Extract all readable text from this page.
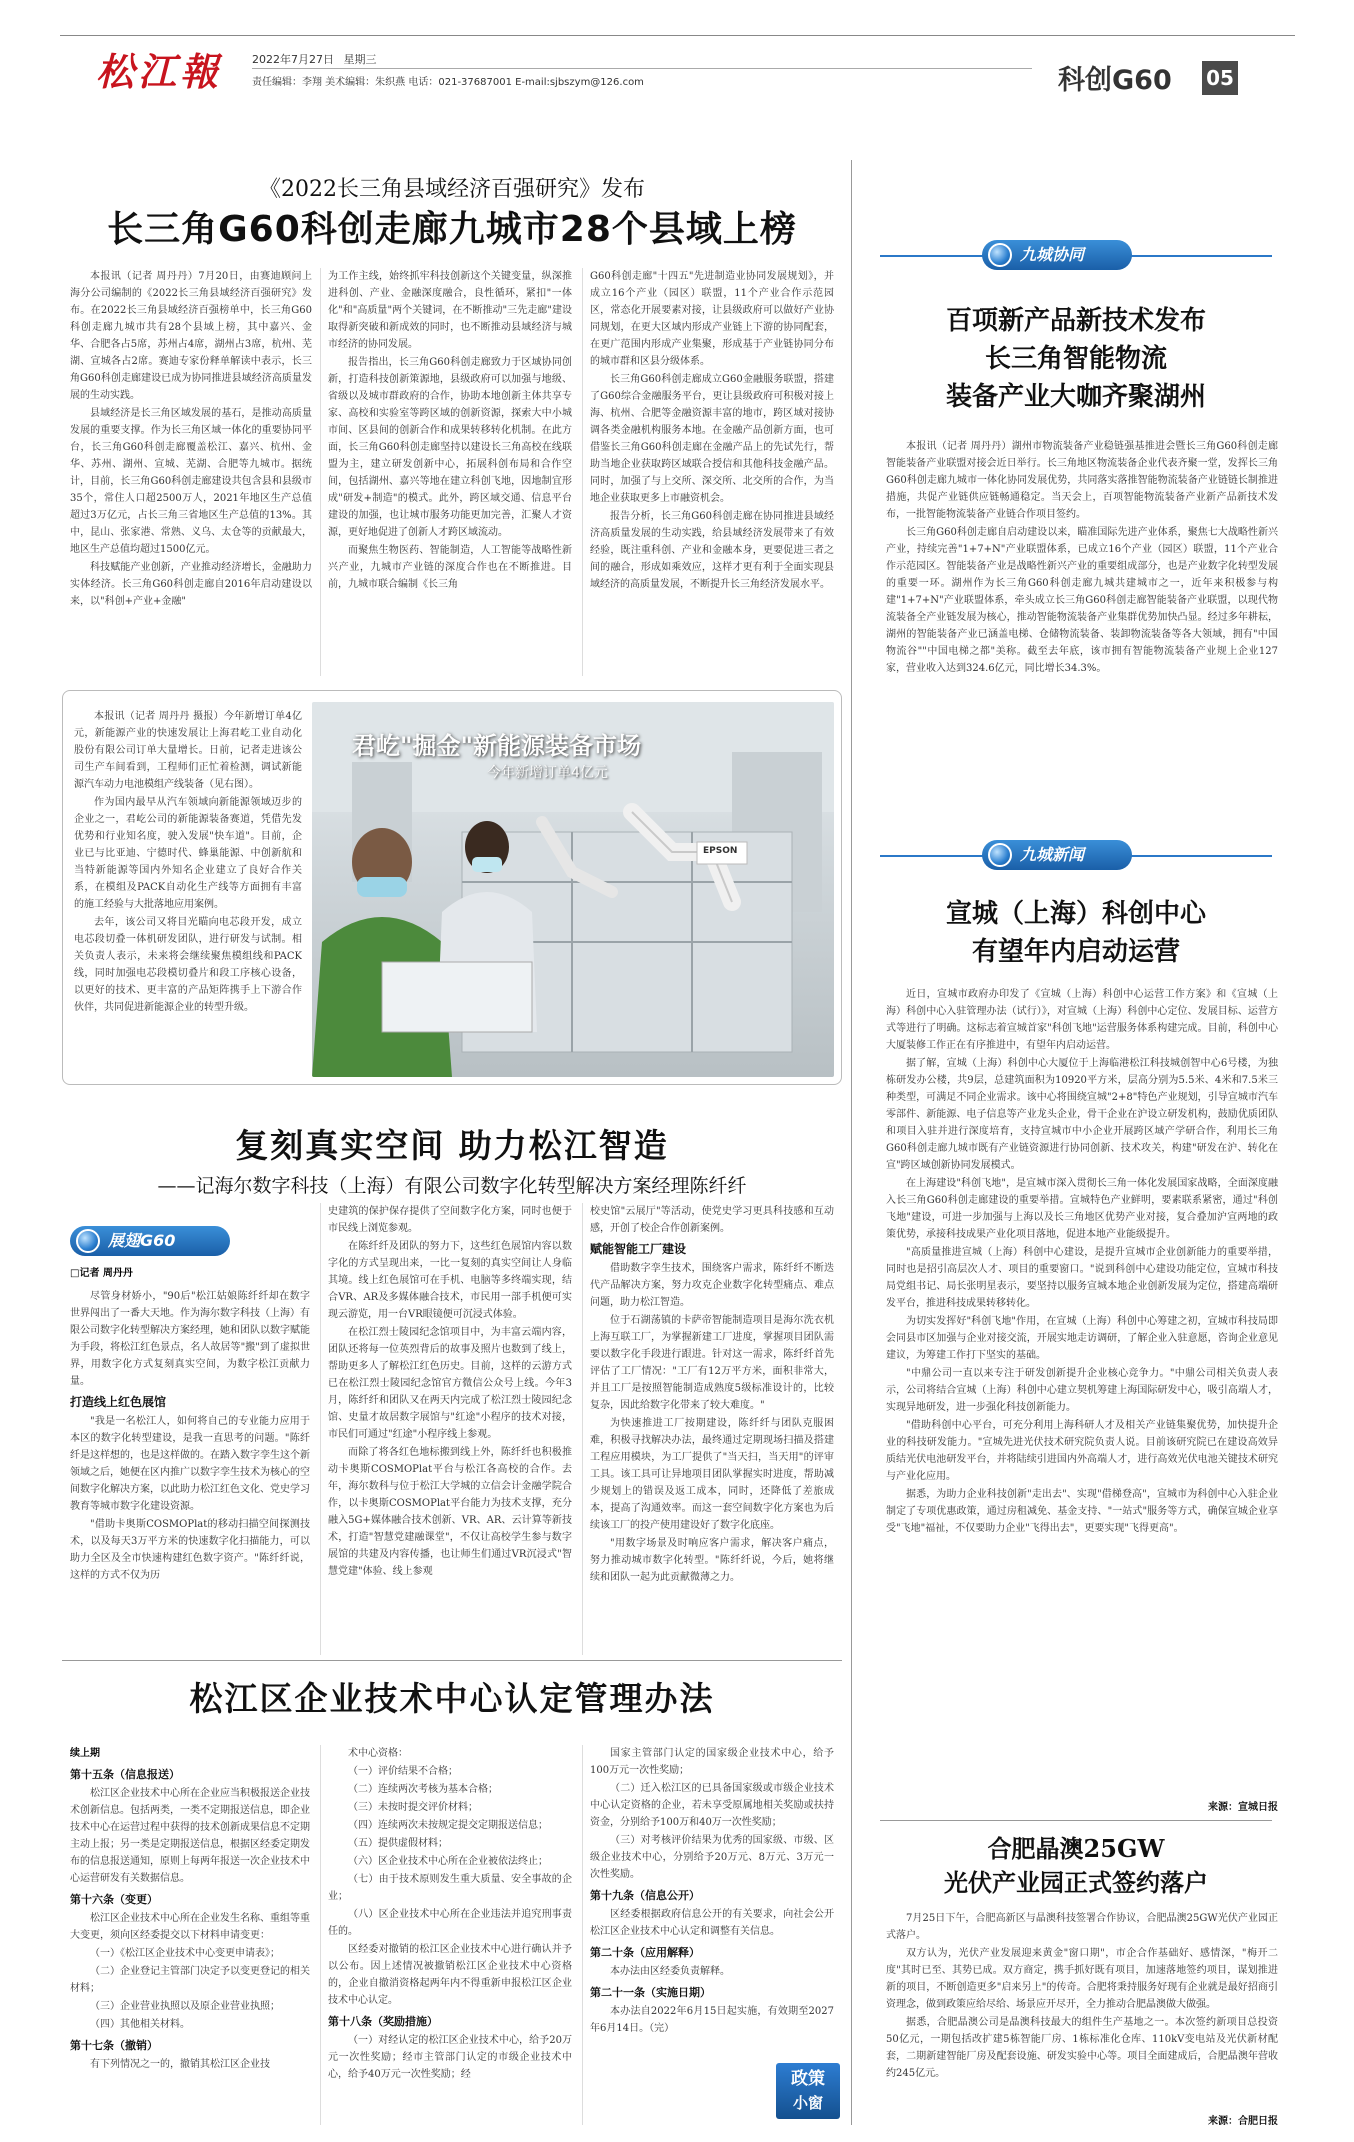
松江報	2022年7月27日 星期三
责任编辑：李翔 美术编辑：朱织燕 电话：021-37687001 E-mail:sjbszym@126.com	科创G60 05
《2022长三角县域经济百强研究》发布
长三角G60科创走廊九城市28个县域上榜

本报讯（记者 周丹丹）7月20日，由赛迪顾问上海分公司编制的《2022长三角县域经济百强研究》发布。在2022长三角县域经济百强榜单中，长三角G60科创走廊九城市共有28个县域上榜，其中嘉兴、金华、合肥各占5席，苏州占4席，湖州占3席，杭州、芜湖、宣城各占2席。赛迪专家份释单解读中表示，长三角G60科创走廊建设已成为协同推进县域经济高质量发展的生动实践。

县域经济是长三角区域发展的基石，是推动高质量发展的重要支撑。作为长三角区域一体化的重要协同平台，长三角G60科创走廊覆盖松江、嘉兴、杭州、金华、苏州、湖州、宣城、芜湖、合肥等九城市。据统计，目前，长三角G60科创走廊建设共包含县和县级市35个，常住人口超2500万人，2021年地区生产总值超过3万亿元，占长三角三省地区生产总值的13%。其中，昆山、张家港、常熟、义乌、太仓等的贡献最大，地区生产总值均超过1500亿元。

科技赋能产业创新，产业推动经济增长，金融助力实体经济。长三角G60科创走廊自2016年启动建设以来，以"科创+产业+金融"

为工作主线，始终抓牢科技创新这个关键变量，纵深推进科创、产业、金融深度融合，良性循环，紧扣"一体化"和"高质量"两个关键词，在不断推动"三先走廊"建设取得新突破和新成效的同时，也不断推动县域经济与城市经济的协同发展。

报告指出，长三角G60科创走廊致力于区域协同创新，打造科技创新策源地，县级政府可以加强与地级、省级以及城市群政府的合作，协助本地创新主体共享专家、高校和实验室等跨区域的创新资源，探索大中小城市间、区县间的创新合作和成果转移转化机制。在此方面，长三角G60科创走廊坚持以建设长三角高校在线联盟为主，建立研发创新中心，拓展科创布局和合作空间，包括湖州、嘉兴等地在建立科创飞地，因地制宜形成"研发+制造"的模式。此外，跨区域交通、信息平台建设的加强，也让城市服务功能更加完善，汇聚人才资源，更好地促进了创新人才跨区域流动。

而聚焦生物医药、智能制造，人工智能等战略性新兴产业，九城市产业链的深度合作也在不断推进。目前，九城市联合编制《长三角

G60科创走廊"十四五"先进制造业协同发展规划》，并成立16个产业（园区）联盟，11个产业合作示范园区，常态化开展要素对接，让县级政府可以做好产业协同规划，在更大区域内形成产业链上下游的协同配套，在更广范围内形成产业集聚，形成基于产业链协同分布的城市群和区县分级体系。

长三角G60科创走廊成立G60金融服务联盟，搭建了G60综合金融服务平台，更让县级政府可积极对接上海、杭州、合肥等金融资源丰富的地市，跨区域对接协调各类金融机构服务本地。在金融产品创新方面，也可借鉴长三角G60科创走廊在金融产品上的先试先行，帮助当地企业获取跨区域联合授信和其他科技金融产品。同时，加强了与上交所、深交所、北交所的合作，为当地企业获取更多上市融资机会。

报告分析，长三角G60科创走廊在协同推进县域经济高质量发展的生动实践，给县域经济发展带来了有效经验，既注重科创、产业和金融本身，更要促进三者之间的融合，形成如乘效应，这样才更有利于全面实现县域经济的高质量发展，不断提升长三角经济发展水平。

本报讯（记者 周丹丹 摄报）今年新增订单4亿元，新能源产业的快速发展让上海君屹工业自动化股份有限公司订单大量增长。日前，记者走进该公司生产车间看到，工程师们正忙着检测，调试新能源汽车动力电池模组产线装备（见右图）。

作为国内最早从汽车领域向新能源领域迈步的企业之一，君屹公司的新能源装备赛道，凭借先发优势和行业知名度，驶入发展"快车道"。目前，企业已与比亚迪、宁德时代、蜂巢能源、中创新航和当特新能源等国内外知名企业建立了良好合作关系，在模组及PACK自动化生产线等方面拥有丰富的施工经验与大批落地应用案例。

去年，该公司又将目光瞄向电芯段开发，成立电芯段切叠一体机研发团队，进行研发与试制。相关负责人表示，未来将会继续聚焦模组线和PACK线，同时加强电芯段模切叠片和段工序核心设备，以更好的技术、更丰富的产品矩阵携手上下游合作伙伴，共同促进新能源企业的转型升级。

君屹"掘金"新能源装备市场
今年新增订单4亿元
EPSON
复刻真实空间 助力松江智造
——记海尔数字科技（上海）有限公司数字化转型解决方案经理陈纤纤
展翅G60

□记者 周丹丹

尽管身材娇小，"90后"松江姑娘陈纤纤却在数字世界闯出了一番大天地。作为海尔数字科技（上海）有限公司数字化转型解决方案经理，她和团队以数字赋能为手段，将松江红色景点，名人故居等"搬"到了虚拟世界，用数字化方式复刻真实空间，为数字松江贡献力量。

打造线上红色展馆

"我是一名松江人，如何将自己的专业能力应用于本区的数字化转型建设，是我一直思考的问题。"陈纤纤是这样想的，也是这样做的。在踏入数字孪生这个新领域之后，她便在区内推广以数字孪生技术为核心的空间数字化解决方案，以此助力松江红色文化、党史学习教育等城市数字化建设资源。

"借助卡奥斯COSMOPlat的移动扫描空间探测技术，以及每天3万平方米的快速数字化扫描能力，可以助力全区及全市快速构建红色数字资产。"陈纤纤说，这样的方式不仅为历

史建筑的保护保存提供了空间数字化方案，同时也便于市民线上浏览参观。

在陈纤纤及团队的努力下，这些红色展馆内容以数字化的方式呈现出来，一比一复刻的真实空间让人身临其境。线上红色展馆可在手机、电脑等多终端实现，结合VR、AR及多媒体融合技术，市民用一部手机便可实现云游览，用一台VR眼镜便可沉浸式体验。

在松江烈士陵园纪念馆项目中，为丰富云端内容，团队还将每一位英烈背后的故事及照片也数到了线上，帮助更多人了解松江红色历史。目前，这样的云游方式已在松江烈士陵园纪念馆官方微信公众号上线。今年3月，陈纤纤和团队又在两天内完成了松江烈士陵园纪念馆、史量才故居数字展馆与"红途"小程序的技术对接，市民们可通过"红途"小程序线上参观。

而除了将各红色地标搬到线上外，陈纤纤也积极推动卡奥斯COSMOPlat平台与松江各高校的合作。去年，海尔数科与位于松江大学城的立信会计金融学院合作，以卡奥斯COSMOPlat平台能力为技术支撑，充分融入5G+媒体融合技术创新、VR、AR、云计算等新技术，打造"智慧党建融课堂"，不仅让高校学生参与数字展馆的共建及内容传播，也让师生们通过VR沉浸式"智慧党建"体验、线上参观

校史馆"云展厅"等活动，使党史学习更具科技感和互动感，开创了校企合作创新案例。

赋能智能工厂建设

借助数字孪生技术，围绕客户需求，陈纤纤不断迭代产品解决方案，努力攻克企业数字化转型痛点、难点问题，助力松江智造。

位于石湖荡镇的卡萨帝智能制造项目是海尔洗衣机上海互联工厂，为掌握新建工厂进度，掌握项目团队需要以数字化手段进行跟进。针对这一需求，陈纤纤首先评估了工厂情况："工厂有12万平方米，面积非常大，并且工厂是按照智能制造成熟度5级标准设计的，比较复杂，因此给数字化带来了较大难度。"

为快速推进工厂按期建设，陈纤纤与团队克服困难，积极寻找解决办法，最终通过定期现场扫描及搭建工程应用模块，为工厂提供了"当天扫，当天用"的评审工具。该工具可让异地项目团队掌握实时进度，帮助减少规划上的错误及返工成本，同时，还降低了差旅成本，提高了沟通效率。而这一套空间数字化方案也为后续该工厂的投产使用建设好了数字化底座。

"用数字场景及时响应客户需求，解决客户痛点，努力推动城市数字化转型。"陈纤纤说，今后，她将继续和团队一起为此贡献微薄之力。

松江区企业技术中心认定管理办法

续上期

第十五条（信息报送）

松江区企业技术中心所在企业应当积极报送企业技术创新信息。包括两类，一类不定期报送信息，即企业技术中心在运营过程中获得的技术创新成果信息不定期主动上报；另一类是定期报送信息，根据区经委定期发布的信息报送通知，原则上每两年报送一次企业技术中心运营研发有关数据信息。

第十六条（变更）

松江区企业技术中心所在企业发生名称、重组等重大变更，须向区经委提交以下材料申请变更：

（一）《松江区企业技术中心变更申请表》；

（二）企业登记主管部门决定予以变更登记的相关材料；

（三）企业营业执照以及原企业营业执照；

（四）其他相关材料。

第十七条（撤销）

有下列情况之一的，撤销其松江区企业技

术中心资格：

（一）评价结果不合格；

（二）连续两次考核为基本合格；

（三）未按时提交评价材料；

（四）连续两次未按规定提交定期报送信息；

（五）提供虚假材料；

（六）区企业技术中心所在企业被依法终止；

（七）由于技术原则发生重大质量、安全事故的企业；

（八）区企业技术中心所在企业违法并追究刑事责任的。

区经委对撤销的松江区企业技术中心进行确认并予以公布。因上述情况被撤销松江区企业技术中心资格的，企业自撤消资格起两年内不得重新申报松江区企业技术中心认定。

第十八条（奖励措施）

（一）对经认定的松江区企业技术中心，给予20万元一次性奖励；经市主管部门认定的市级企业技术中心，给予40万元一次性奖励；经

国家主管部门认定的国家级企业技术中心，给予100万元一次性奖励；

（二）迁入松江区的已具备国家级或市级企业技术中心认定资格的企业，若未享受原属地相关奖励或扶持资金，分别给予100万和40万一次性奖励；

（三）对考核评价结果为优秀的国家级、市级、区级企业技术中心，分别给予20万元、8万元、3万元一次性奖励。

第十九条（信息公开）

区经委根据政府信息公开的有关要求，向社会公开松江区企业技术中心认定和调整有关信息。

第二十条（应用解释）

本办法由区经委负责解释。

第二十一条（实施日期）

本办法自2022年6月15日起实施，有效期至2027年6月14日。（完）

政策
小窗
九城协同
百项新产品新技术发布
长三角智能物流
装备产业大咖齐聚湖州

本报讯（记者 周丹丹）湖州市物流装备产业稳链强基推进会暨长三角G60科创走廊智能装备产业联盟对接会近日举行。长三角地区物流装备企业代表齐聚一堂，发挥长三角G60科创走廊九城市一体化协同发展优势，共同落实落推智能物流装备产业链链长制推进措施，共促产业链供应链畅通稳定。当天会上，百项智能物流装备产业新产品新技术发布，一批智能物流装备产业链合作项目签约。

长三角G60科创走廊自启动建设以来，瞄准国际先进产业体系，聚焦七大战略性新兴产业，持续完善"1+7+N"产业联盟体系，已成立16个产业（园区）联盟，11个产业合作示范园区。智能装备产业是战略性新兴产业的重要组成部分，也是产业数字化转型发展的重要一环。湖州作为长三角G60科创走廊九城共建城市之一，近年来积极参与构建"1+7+N"产业联盟体系，牵头成立长三角G60科创走廊智能装备产业联盟，以现代物流装备全产业链发展为核心，推动智能物流装备产业集群优势加快凸显。经过多年耕耘，湖州的智能装备产业已涵盖电梯、仓储物流装备、装卸物流装备等各大领域，拥有"中国物流谷""中国电梯之都"美称。截至去年底，该市拥有智能物流装备产业规上企业127家，营业收入达到324.6亿元，同比增长34.3%。

九城新闻
宣城（上海）科创中心
有望年内启动运营

近日，宣城市政府办印发了《宣城（上海）科创中心运营工作方案》和《宣城（上海）科创中心入驻管理办法（试行）》，对宣城（上海）科创中心定位、发展目标、运营方式等进行了明确。这标志着宣城首家"科创飞地"运营服务体系构建完成。目前，科创中心大厦装修工作正在有序推进中，有望年内启动运营。

据了解，宣城（上海）科创中心大厦位于上海临港松江科技城创智中心6号楼，为独栋研发办公楼，共9层，总建筑面积为10920平方米，层高分别为5.5米、4米和7.5米三种类型，可满足不同企业需求。该中心将围绕宣城"2+8"特色产业规划，引导宣城市汽车零部件、新能源、电子信息等产业龙头企业，骨干企业在沪设立研发机构，鼓励优质团队和项目入驻并进行深度培育，支持宣城市中小企业开展跨区域产学研合作，利用长三角G60科创走廊九城市既有产业链资源进行协同创新、技术攻关，构建"研发在沪、转化在宣"跨区域创新协同发展模式。

在上海建设"科创飞地"，是宣城市深入贯彻长三角一体化发展国家战略，全面深度融入长三角G60科创走廊建设的重要举措。宣城特色产业鲜明，要素联系紧密，通过"科创飞地"建设，可进一步加强与上海以及长三角地区优势产业对接，复合叠加沪宣两地的政策优势，承接科技成果产业化项目落地，促进本地产业能级提升。

"高质量推进宣城（上海）科创中心建设，是提升宣城市企业创新能力的重要举措，同时也是招引高层次人才、项目的重要窗口。"说到科创中心建设功能定位，宣城市科技局党组书记、局长张明星表示，要坚持以服务宣城本地企业创新发展为定位，搭建高端研发平台，推进科技成果转移转化。

为切实发挥好"科创飞地"作用，在宣城（上海）科创中心筹建之初，宣城市科技局即会同县市区加强与企业对接交流，开展实地走访调研，了解企业入驻意愿，咨询企业意见建议，为筹建工作打下坚实的基础。

"中鼎公司一直以来专注于研发创新提升企业核心竞争力。"中鼎公司相关负责人表示，公司将结合宣城（上海）科创中心建立契机筹建上海国际研发中心，吸引高端人才，实现异地研发，进一步强化科技创新能力。

"借助科创中心平台，可充分利用上海科研人才及相关产业链集聚优势，加快提升企业的科技研发能力。"宣城先进光伏技术研究院负责人说。目前该研究院已在建设高效异质结光伏电池研发平台，并将陆续引进国内外高端人才，进行高效光伏电池关键技术研究与产业化应用。

据悉，为助力企业科技创新"走出去"、实现"借梯登高"，宣城市为科创中心入驻企业制定了专项优惠政策，通过房租减免、基金支持、"一站式"服务等方式，确保宣城企业享受"飞地"福祉，不仅要助力企业"飞得出去"，更要实现"飞得更高"。

来源：宣城日报
合肥晶澳25GW
光伏产业园正式签约落户

7月25日下午，合肥高新区与晶澳科技签署合作协议，合肥晶澳25GW光伏产业园正式落户。

双方认为，光伏产业发展迎来黄金"窗口期"，市企合作基础好、感情深，"梅开二度"其时已至、其势已成。双方商定，携手抓好既有项目，加速落地签约项目，谋划推进新的项目，不断创造更多"启来另上"的传奇。合肥将秉持服务好现有企业就是最好招商引资理念，做到政策应给尽给、场景应开尽开，全力推动合肥晶澳做大做强。

据悉，合肥晶澳公司是晶澳科技最大的组件生产基地之一。本次签约新项目总投资50亿元，一期包括改扩建5栋智能厂房、1栋标准化仓库、110kV变电站及光伏新材配套，二期新建智能厂房及配套设施、研发实验中心等。项目全面建成后，合肥晶澳年营收约245亿元。

来源：合肥日报
